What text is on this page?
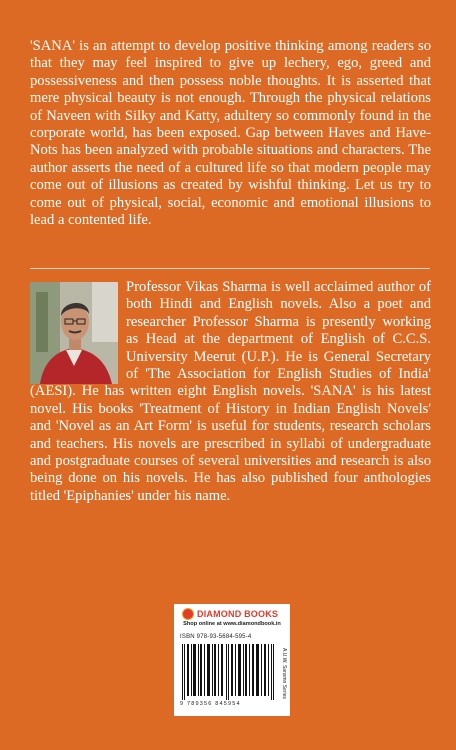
'SANA' is an attempt to develop positive thinking among readers so that they may feel inspired to give up lechery, ego, greed and possessiveness and then possess noble thoughts. It is asserted that mere physical beauty is not enough. Through the physical relations of Naveen with Silky and Katty, adultery so commonly found in the corporate world, has been exposed. Gap between Haves and Have-Nots has been analyzed with probable situations and characters. The author asserts the need of a cultured life so that modern people may come out of illusions as created by wishful thinking. Let us try to come out of physical, social, economic and emotional illusions to lead a contented life.

Professor Vikas Sharma is well acclaimed author of both Hindi and English novels. Also a poet and researcher Professor Sharma is presently working as Head at the department of English of C.C.S. University Meerut (U.P.). He is General Secretary of 'The Association for English Studies of India' (AESI). He has written eight English novels. 'SANA' is his latest novel. His books 'Treatment of History in Indian English Novels' and 'Novel as an Art Form' is useful for students, research scholars and teachers. His novels are prescribed in syllabi of undergraduate and postgraduate courses of several universities and research is also being done on his novels. He has also published four anthologies titled 'Epiphanies' under his name.

DIAMOND BOOKS
Shop online at www.diamondbook.in
ISBN 978-93-5684-595-4
9 789356 845954
A.U.W. Sansmn Series
